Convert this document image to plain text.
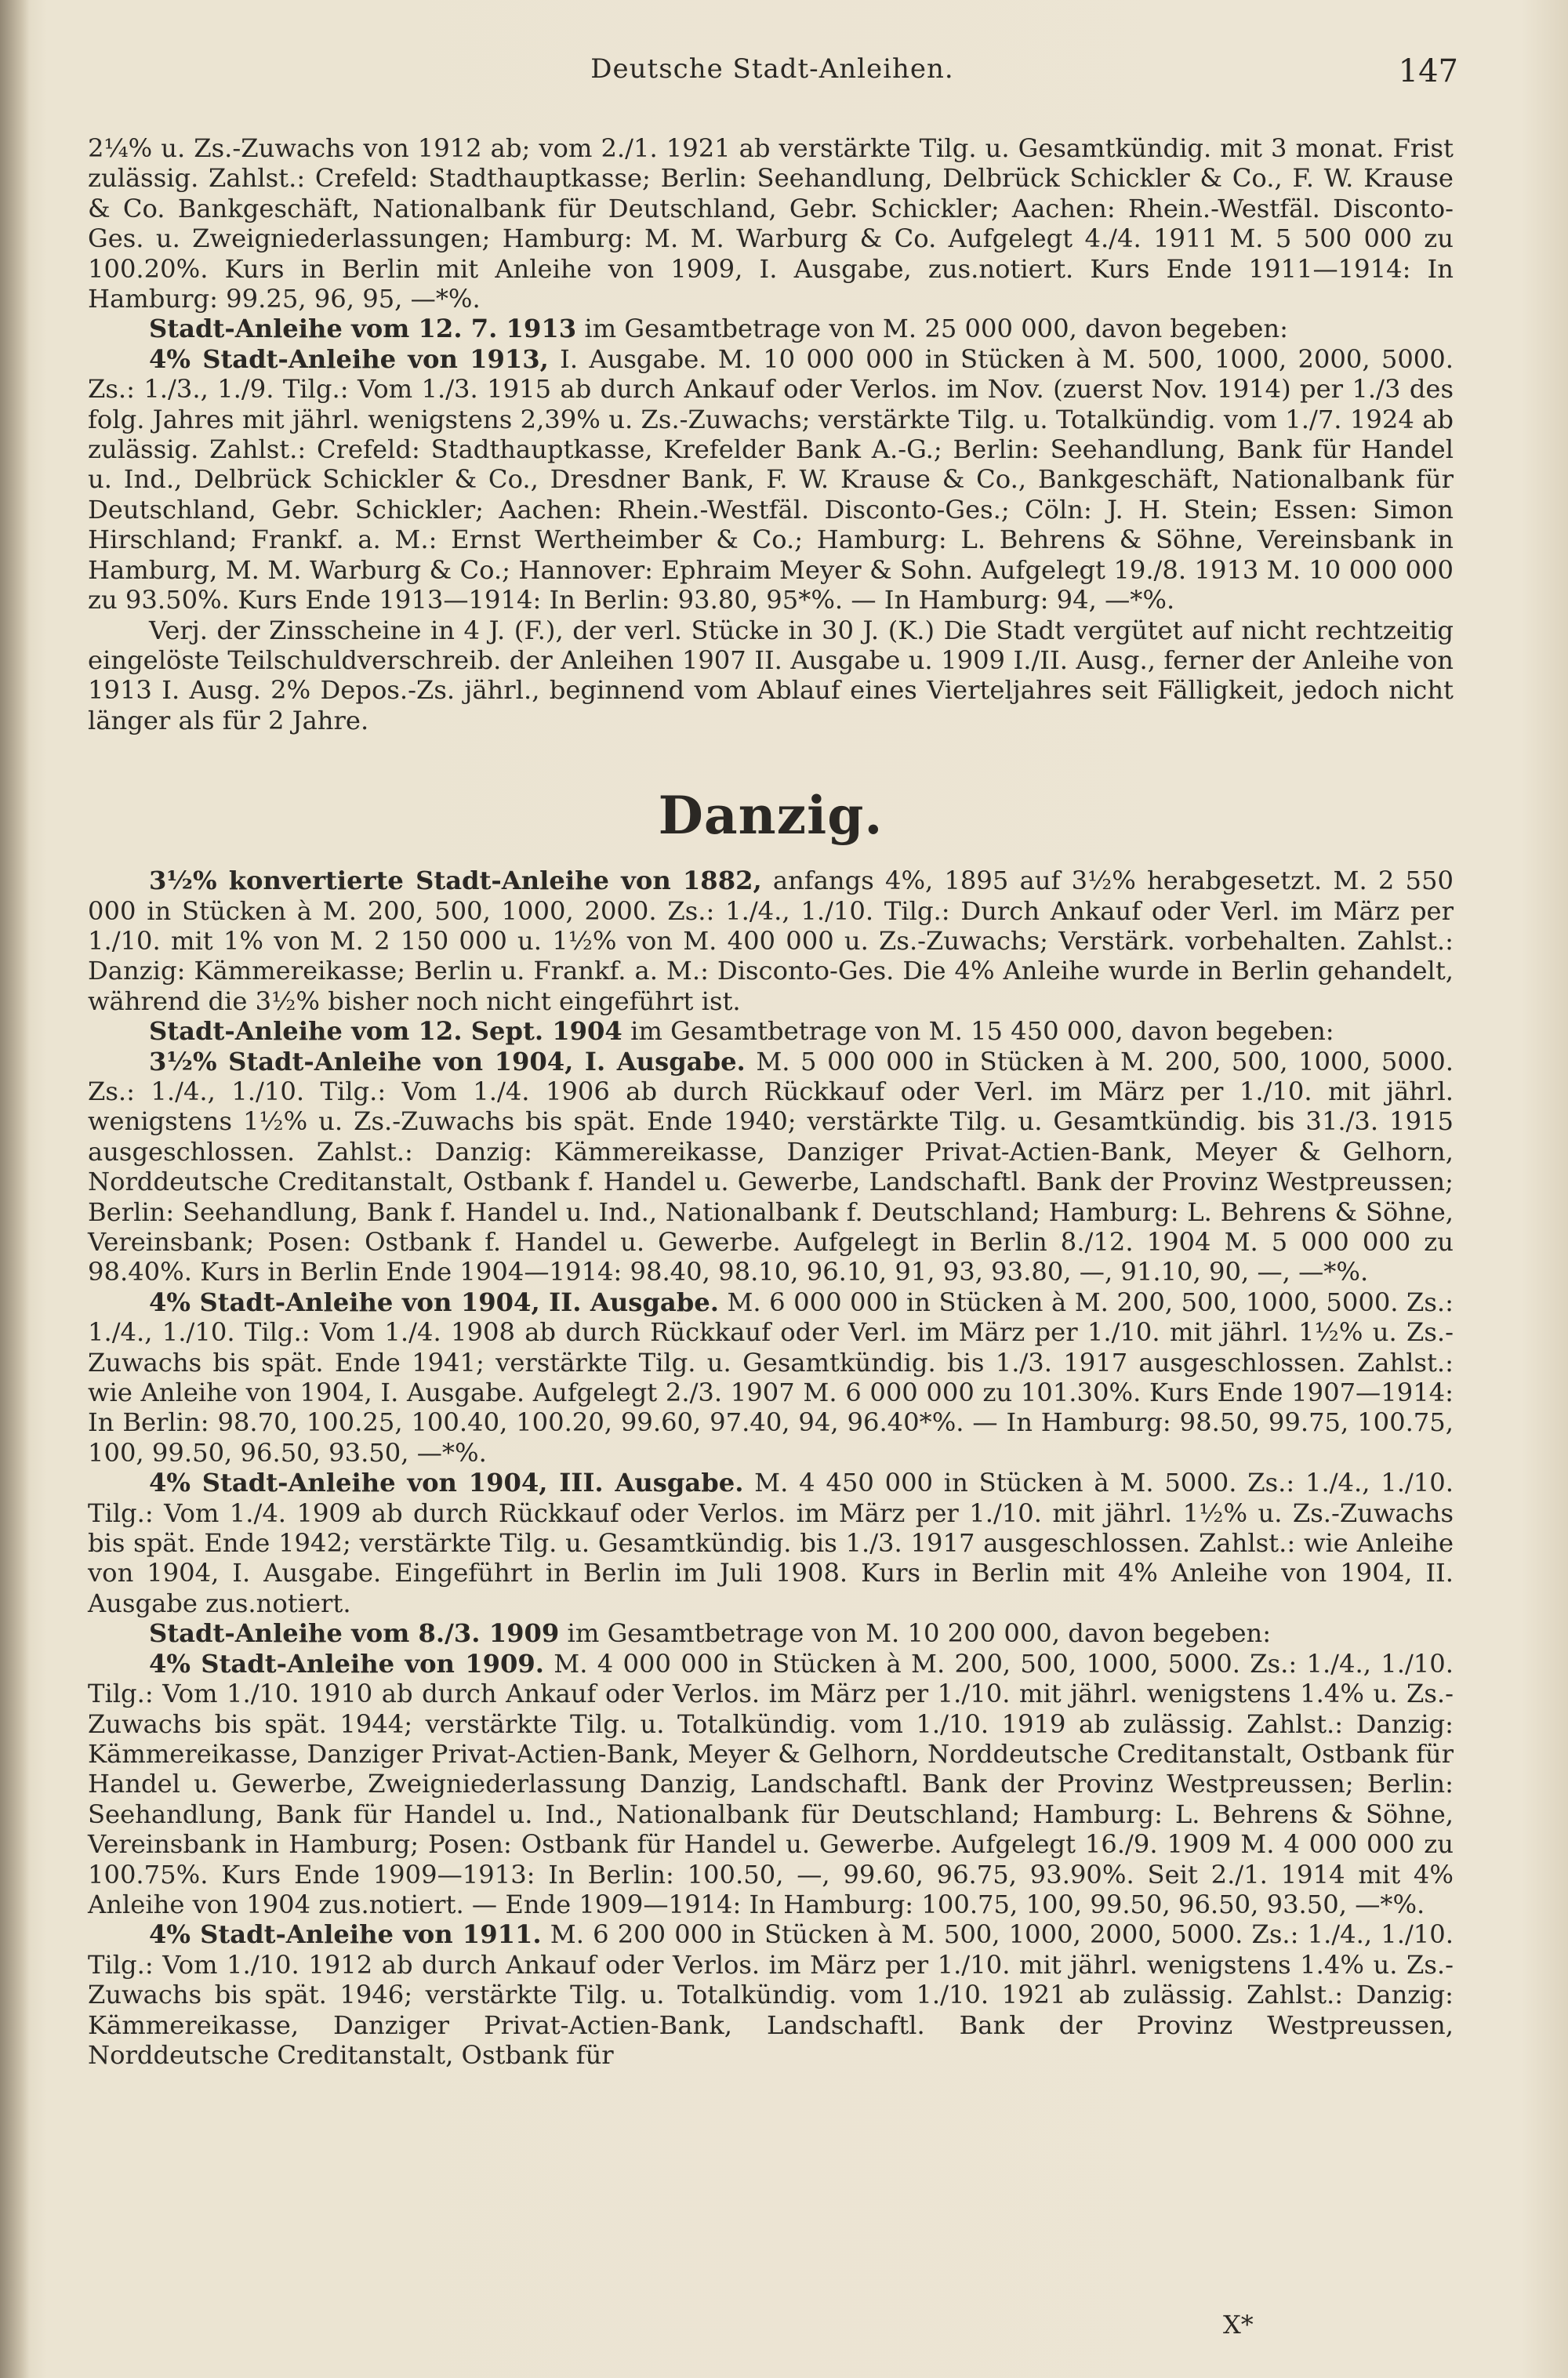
Deutsche Stadt-Anleihen.	147

2¼% u. Zs.-Zuwachs von 1912 ab; vom 2./1. 1921 ab verstärkte Tilg. u. Gesamtkündig. mit 3 monat. Frist zulässig. Zahlst.: Crefeld: Stadthauptkasse; Berlin: Seehandlung, Delbrück Schickler & Co., F. W. Krause & Co. Bankgeschäft, Nationalbank für Deutschland, Gebr. Schickler; Aachen: Rhein.-Westfäl. Disconto-Ges. u. Zweigniederlassungen; Hamburg: M. M. Warburg & Co. Aufgelegt 4./4. 1911 M. 5 500 000 zu 100.20%. Kurs in Berlin mit Anleihe von 1909, I. Ausgabe, zus.notiert. Kurs Ende 1911—1914: In Hamburg: 99.25, 96, 95, —*%.

Stadt-Anleihe vom 12. 7. 1913 im Gesamtbetrage von M. 25 000 000, davon begeben:

4% Stadt-Anleihe von 1913, I. Ausgabe. M. 10 000 000 in Stücken à M. 500, 1000, 2000, 5000. Zs.: 1./3., 1./9. Tilg.: Vom 1./3. 1915 ab durch Ankauf oder Verlos. im Nov. (zuerst Nov. 1914) per 1./3 des folg. Jahres mit jährl. wenigstens 2,39% u. Zs.-Zuwachs; verstärkte Tilg. u. Totalkündig. vom 1./7. 1924 ab zulässig. Zahlst.: Crefeld: Stadthauptkasse, Krefelder Bank A.-G.; Berlin: Seehandlung, Bank für Handel u. Ind., Delbrück Schickler & Co., Dresdner Bank, F. W. Krause & Co., Bankgeschäft, Nationalbank für Deutschland, Gebr. Schickler; Aachen: Rhein.-Westfäl. Disconto-Ges.; Cöln: J. H. Stein; Essen: Simon Hirschland; Frankf. a. M.: Ernst Wertheimber & Co.; Hamburg: L. Behrens & Söhne, Vereinsbank in Hamburg, M. M. Warburg & Co.; Hannover: Ephraim Meyer & Sohn. Aufgelegt 19./8. 1913 M. 10 000 000 zu 93.50%. Kurs Ende 1913—1914: In Berlin: 93.80, 95*%. — In Hamburg: 94, —*%.

Verj. der Zinsscheine in 4 J. (F.), der verl. Stücke in 30 J. (K.) Die Stadt vergütet auf nicht rechtzeitig eingelöste Teilschuldverschreib. der Anleihen 1907 II. Ausgabe u. 1909 I./II. Ausg., ferner der Anleihe von 1913 I. Ausg. 2% Depos.-Zs. jährl., beginnend vom Ablauf eines Vierteljahres seit Fälligkeit, jedoch nicht länger als für 2 Jahre.

Danzig.

3½% konvertierte Stadt-Anleihe von 1882, anfangs 4%, 1895 auf 3½% herabgesetzt. M. 2 550 000 in Stücken à M. 200, 500, 1000, 2000. Zs.: 1./4., 1./10. Tilg.: Durch Ankauf oder Verl. im März per 1./10. mit 1% von M. 2 150 000 u. 1½% von M. 400 000 u. Zs.-Zuwachs; Verstärk. vorbehalten. Zahlst.: Danzig: Kämmereikasse; Berlin u. Frankf. a. M.: Disconto-Ges. Die 4% Anleihe wurde in Berlin gehandelt, während die 3½% bisher noch nicht eingeführt ist.

Stadt-Anleihe vom 12. Sept. 1904 im Gesamtbetrage von M. 15 450 000, davon begeben:

3½% Stadt-Anleihe von 1904, I. Ausgabe. M. 5 000 000 in Stücken à M. 200, 500, 1000, 5000. Zs.: 1./4., 1./10. Tilg.: Vom 1./4. 1906 ab durch Rückkauf oder Verl. im März per 1./10. mit jährl. wenigstens 1½% u. Zs.-Zuwachs bis spät. Ende 1940; verstärkte Tilg. u. Gesamtkündig. bis 31./3. 1915 ausgeschlossen. Zahlst.: Danzig: Kämmereikasse, Danziger Privat-Actien-Bank, Meyer & Gelhorn, Norddeutsche Creditanstalt, Ostbank f. Handel u. Gewerbe, Landschaftl. Bank der Provinz Westpreussen; Berlin: Seehandlung, Bank f. Handel u. Ind., Nationalbank f. Deutschland; Hamburg: L. Behrens & Söhne, Vereinsbank; Posen: Ostbank f. Handel u. Gewerbe. Aufgelegt in Berlin 8./12. 1904 M. 5 000 000 zu 98.40%. Kurs in Berlin Ende 1904—1914: 98.40, 98.10, 96.10, 91, 93, 93.80, —, 91.10, 90, —, —*%.

4% Stadt-Anleihe von 1904, II. Ausgabe. M. 6 000 000 in Stücken à M. 200, 500, 1000, 5000. Zs.: 1./4., 1./10. Tilg.: Vom 1./4. 1908 ab durch Rückkauf oder Verl. im März per 1./10. mit jährl. 1½% u. Zs.-Zuwachs bis spät. Ende 1941; verstärkte Tilg. u. Gesamtkündig. bis 1./3. 1917 ausgeschlossen. Zahlst.: wie Anleihe von 1904, I. Ausgabe. Aufgelegt 2./3. 1907 M. 6 000 000 zu 101.30%. Kurs Ende 1907—1914: In Berlin: 98.70, 100.25, 100.40, 100.20, 99.60, 97.40, 94, 96.40*%. — In Hamburg: 98.50, 99.75, 100.75, 100, 99.50, 96.50, 93.50, —*%.

4% Stadt-Anleihe von 1904, III. Ausgabe. M. 4 450 000 in Stücken à M. 5000. Zs.: 1./4., 1./10. Tilg.: Vom 1./4. 1909 ab durch Rückkauf oder Verlos. im März per 1./10. mit jährl. 1½% u. Zs.-Zuwachs bis spät. Ende 1942; verstärkte Tilg. u. Gesamtkündig. bis 1./3. 1917 ausgeschlossen. Zahlst.: wie Anleihe von 1904, I. Ausgabe. Eingeführt in Berlin im Juli 1908. Kurs in Berlin mit 4% Anleihe von 1904, II. Ausgabe zus.notiert.

Stadt-Anleihe vom 8./3. 1909 im Gesamtbetrage von M. 10 200 000, davon begeben:

4% Stadt-Anleihe von 1909. M. 4 000 000 in Stücken à M. 200, 500, 1000, 5000. Zs.: 1./4., 1./10. Tilg.: Vom 1./10. 1910 ab durch Ankauf oder Verlos. im März per 1./10. mit jährl. wenigstens 1.4% u. Zs.-Zuwachs bis spät. 1944; verstärkte Tilg. u. Totalkündig. vom 1./10. 1919 ab zulässig. Zahlst.: Danzig: Kämmereikasse, Danziger Privat-Actien-Bank, Meyer & Gelhorn, Norddeutsche Creditanstalt, Ostbank für Handel u. Gewerbe, Zweigniederlassung Danzig, Landschaftl. Bank der Provinz Westpreussen; Berlin: Seehandlung, Bank für Handel u. Ind., Nationalbank für Deutschland; Hamburg: L. Behrens & Söhne, Vereinsbank in Hamburg; Posen: Ostbank für Handel u. Gewerbe. Aufgelegt 16./9. 1909 M. 4 000 000 zu 100.75%. Kurs Ende 1909—1913: In Berlin: 100.50, —, 99.60, 96.75, 93.90%. Seit 2./1. 1914 mit 4% Anleihe von 1904 zus.notiert. — Ende 1909—1914: In Hamburg: 100.75, 100, 99.50, 96.50, 93.50, —*%.

4% Stadt-Anleihe von 1911. M. 6 200 000 in Stücken à M. 500, 1000, 2000, 5000. Zs.: 1./4., 1./10. Tilg.: Vom 1./10. 1912 ab durch Ankauf oder Verlos. im März per 1./10. mit jährl. wenigstens 1.4% u. Zs.-Zuwachs bis spät. 1946; verstärkte Tilg. u. Totalkündig. vom 1./10. 1921 ab zulässig. Zahlst.: Danzig: Kämmereikasse, Danziger Privat-Actien-Bank, Landschaftl. Bank der Provinz Westpreussen, Norddeutsche Creditanstalt, Ostbank für

X*
